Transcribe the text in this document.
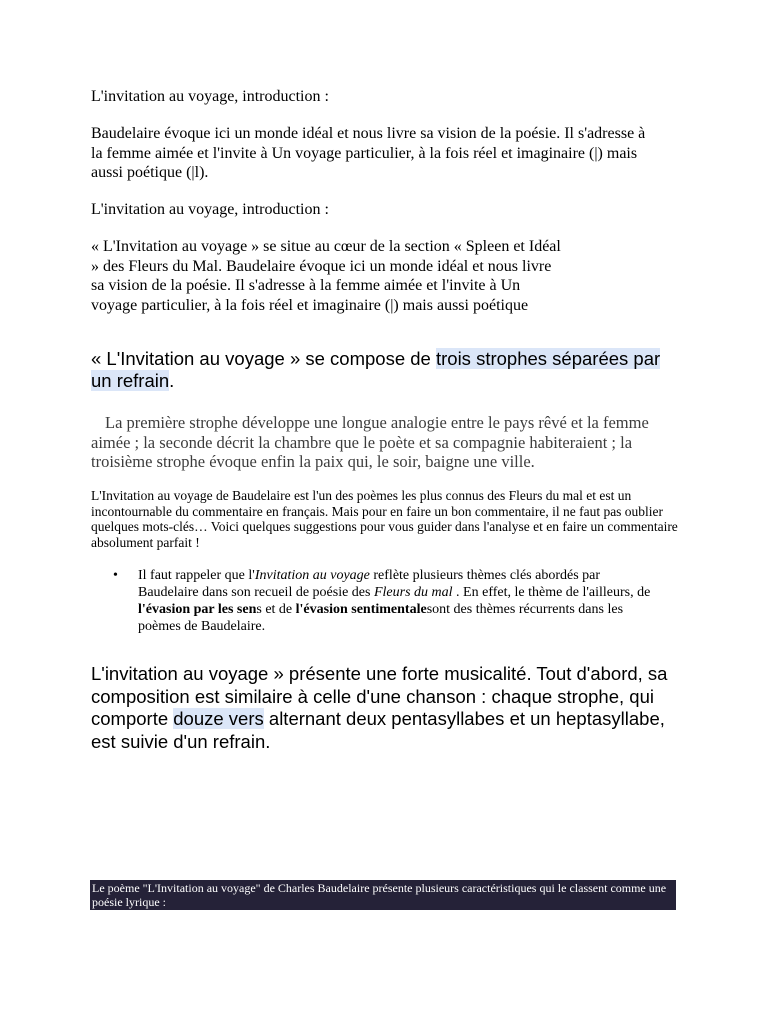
L'invitation au voyage, introduction :
Baudelaire évoque ici un monde idéal et nous livre sa vision de la poésie. Il s'adresse à la femme aimée et l'invite à Un voyage particulier, à la fois réel et imaginaire (|) mais aussi poétique (|l).
L'invitation au voyage, introduction :
« L'Invitation au voyage » se situe au cœur de la section « Spleen et Idéal » des Fleurs du Mal. Baudelaire évoque ici un monde idéal et nous livre sa vision de la poésie. Il s'adresse à la femme aimée et l'invite à Un voyage particulier, à la fois réel et imaginaire (|) mais aussi poétique
« L'Invitation au voyage » se compose de trois strophes séparées par un refrain.
La première strophe développe une longue analogie entre le pays rêvé et la femme aimée ; la seconde décrit la chambre que le poète et sa compagnie habiteraient ; la troisième strophe évoque enfin la paix qui, le soir, baigne une ville.
L'Invitation au voyage de Baudelaire est l'un des poèmes les plus connus des Fleurs du mal et est un incontournable du commentaire en français. Mais pour en faire un bon commentaire, il ne faut pas oublier quelques mots-clés… Voici quelques suggestions pour vous guider dans l'analyse et en faire un commentaire absolument parfait !
• Il faut rappeler que l'Invitation au voyage reflète plusieurs thèmes clés abordés par Baudelaire dans son recueil de poésie des Fleurs du mal . En effet, le thème de l'ailleurs, de l'évasion par les sens et de l'évasion sentimentalesont des thèmes récurrents dans les poèmes de Baudelaire.
L'invitation au voyage » présente une forte musicalité. Tout d'abord, sa composition est similaire à celle d'une chanson : chaque strophe, qui comporte douze vers alternant deux pentasyllabes et un heptasyllabe, est suivie d'un refrain.
Le poème "L'Invitation au voyage" de Charles Baudelaire présente plusieurs caractéristiques qui le classent comme une poésie lyrique :
